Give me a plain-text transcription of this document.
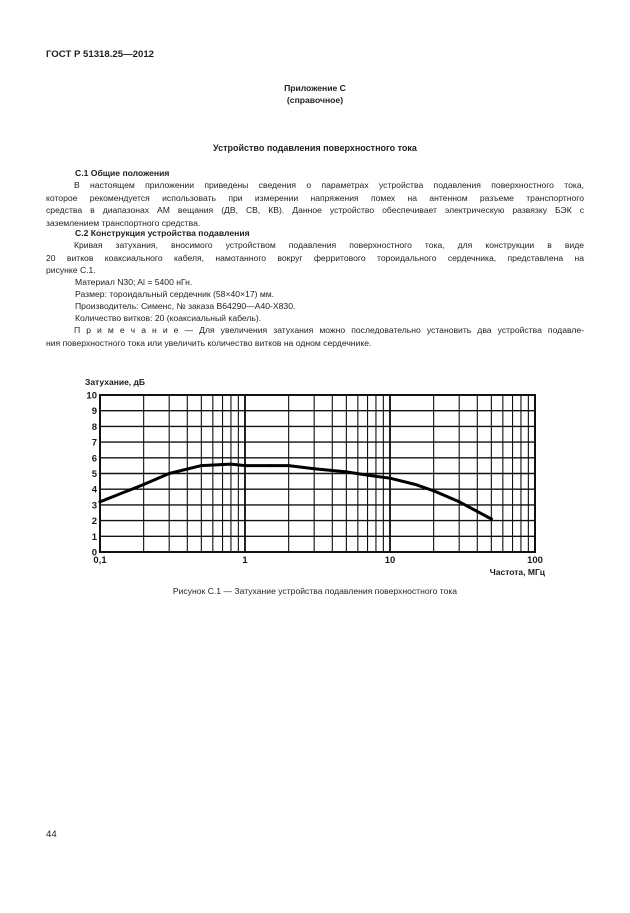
ГОСТ Р 51318.25—2012
Приложение С
(справочное)
Устройство подавления поверхностного тока
С.1 Общие положения

В настоящем приложении приведены сведения о параметрах устройства подавления поверхностного тока,

которое рекомендуется использовать при измерении напряжения помех на антенном разъеме транспортного

средства в диапазонах АМ вещания (ДВ, СВ, КВ). Данное устройство обеспечивает электрическую развязку БЭК с

заземлением транспортного средства.

С.2 Конструкция устройства подавления

Кривая затухания, вносимого устройством подавления поверхностного тока, для конструкции в виде

20 витков коаксиального кабеля, намотанного вокруг ферритового тороидального сердечника, представлена на

рисунке С.1.

Материал N30; Al = 5400 нГн.
Размер: тороидальный сердечник (58×40×17) мм.
Производитель: Сименс, № заказа B64290—A40-X830.
Количество витков: 20 (коаксиальный кабель).

П р и м е ч а н и е — Для увеличения затухания можно последовательно установить два устройства подавле-

ния поверхностного тока или увеличить количество витков на одном сердечнике.

0
1
2
3
4
5
6
7
8
9
10
0,1	1	10	100
Затухание, дБ
Частота, МГц
Рисунок С.1 — Затухание устройства подавления поверхностного тока
44
